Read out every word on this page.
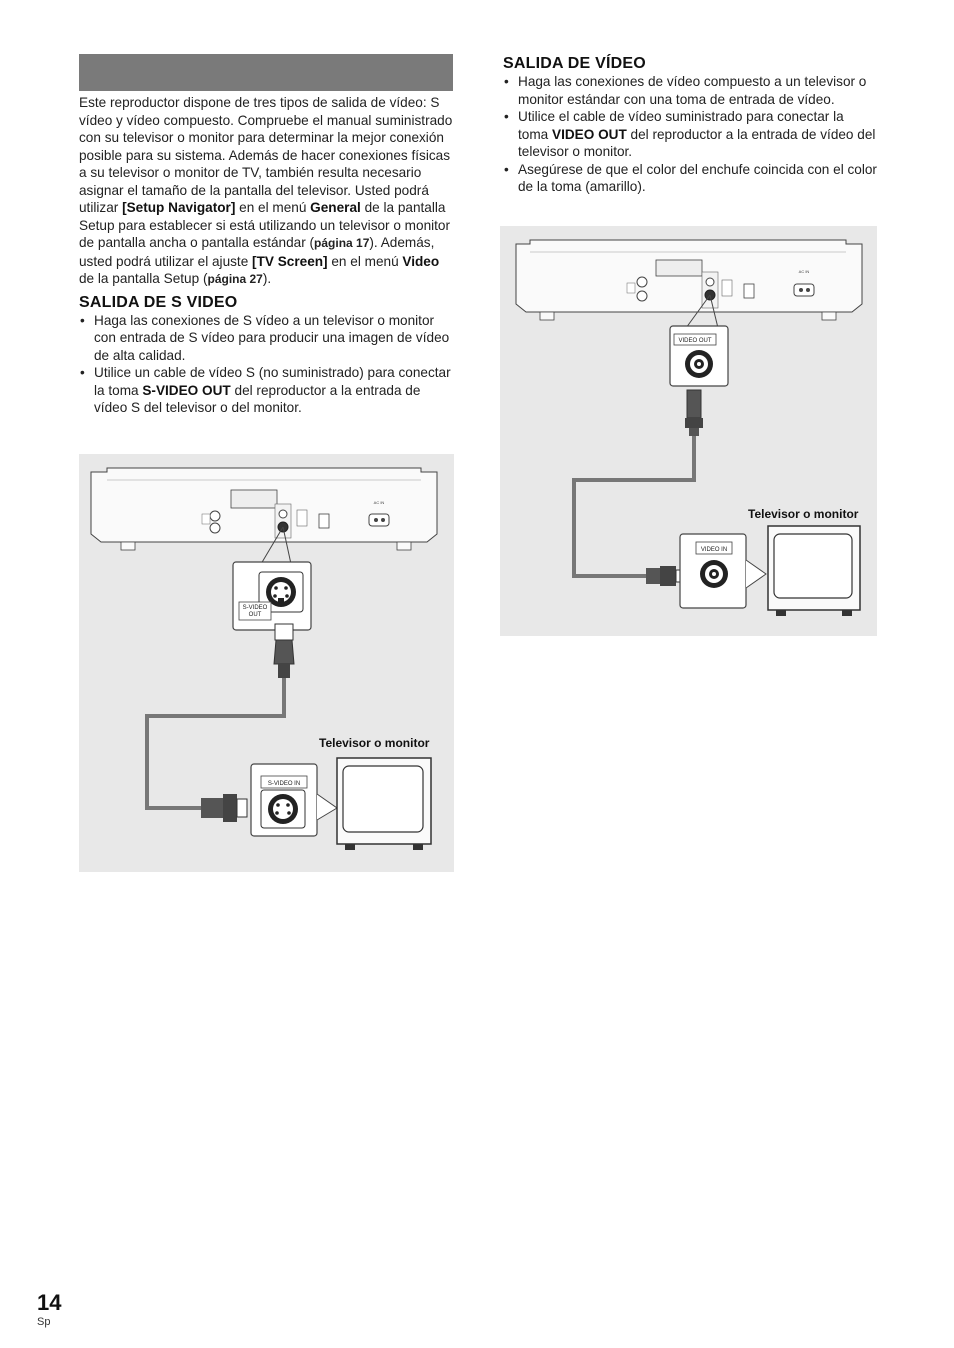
Este reproductor dispone de tres tipos de salida de vídeo: S vídeo y vídeo compuesto. Compruebe el manual suministrado con su televisor o monitor para determinar la mejor conexión posible para su sistema. Además de hacer conexiones físicas a su televisor o monitor de TV, también resulta necesario asignar el tamaño de la pantalla del televisor. Usted podrá utilizar [Setup Navigator] en el menú General de la pantalla Setup para establecer si está utilizando un televisor o monitor de pantalla ancha o pantalla estándar (página 17). Además, usted podrá utilizar el ajuste [TV Screen] en el menú Video de la pantalla Setup (página 27).

SALIDA DE S VIDEO
• Haga las conexiones de S vídeo a un televisor o monitor con entrada de S vídeo para producir una imagen de vídeo de alta calidad.
• Utilice un cable de vídeo S (no suministrado) para conectar la toma S-VIDEO OUT del reproductor a la entrada de vídeo S del televisor o del monitor.
SALIDA DE VÍDEO
• Haga las conexiones de vídeo compuesto a un televisor o monitor estándar con una toma de entrada de vídeo.
• Utilice el cable de vídeo suministrado para conectar la toma VIDEO OUT del reproductor a la entrada de vídeo del televisor o monitor.
• Asegúrese de que el color del enchufe coincida con el color de la toma (amarillo).
AC IN
S-VIDEO
OUT
S-VIDEO IN
Televisor o monitor
AC IN
VIDEO OUT
VIDEO IN
Televisor o monitor
14
Sp
